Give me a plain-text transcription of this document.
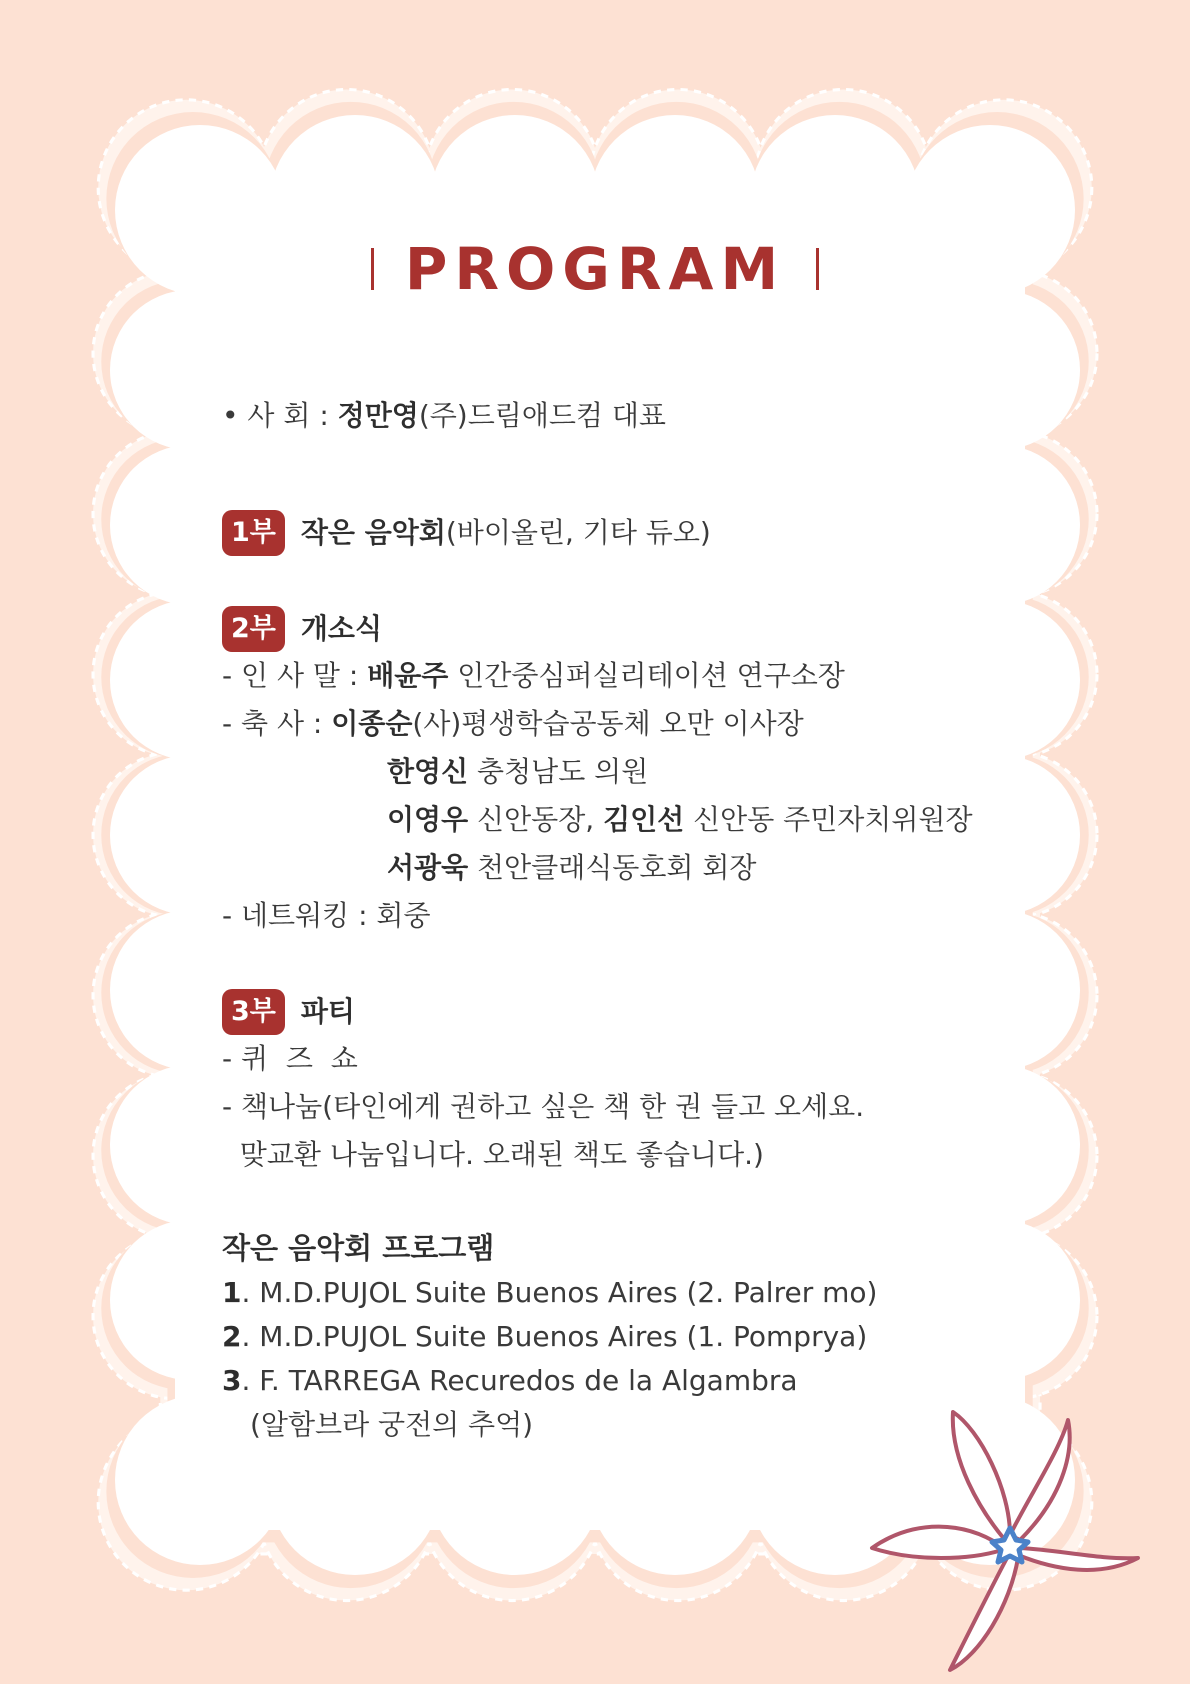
PROGRAM
• 사 회 : 정만영(주)드림애드컴 대표
1부 작은 음악회(바이올린, 기타 듀오)
2부 개소식
- 인 사 말 : 배윤주 인간중심퍼실리테이션 연구소장
- 축 사 : 이종순(사)평생학습공동체 오만 이사장
한영신 충청남도 의원
이영우 신안동장, 김인선 신안동 주민자치위원장
서광욱 천안클래식동호회 회장
- 네트워킹 : 회중
3부 파티
- 퀴  즈  쇼
- 책나눔(타인에게 권하고 싶은 책 한 권 들고 오세요.
맞교환 나눔입니다. 오래된 책도 좋습니다.)
작은 음악회 프로그램
1. M.D.PUJOL Suite Buenos Aires (2. Palrer mo)
2. M.D.PUJOL Suite Buenos Aires (1. Pomprya)
3. F. TARREGA Recuredos de la Algambra
(알함브라 궁전의 추억)
